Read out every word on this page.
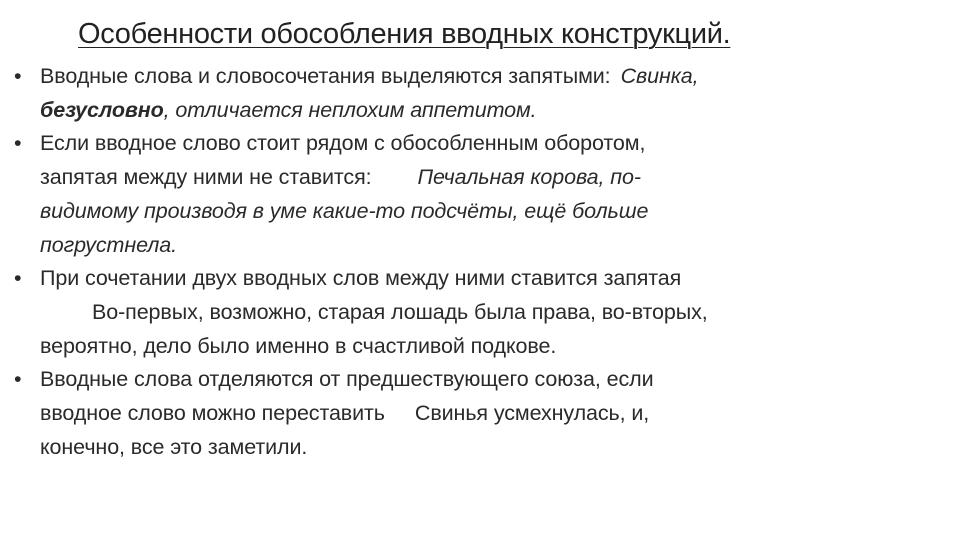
Особенности обособления вводных конструкций.
• Вводные слова и словосочетания выделяются запятыми: Свинка,
безусловно, отличается неплохим аппетитом.
• Если вводное слово стоит рядом с обособленным оборотом,
запятая между ними не ставится: Печальная корова, по-
видимому производя в уме какие-то подсчёты, ещё больше
погрустнела.
• При сочетании двух вводных слов между ними ставится запятая
Во-первых, возможно, старая лошадь была права, во-вторых,
вероятно, дело было именно в счастливой подкове.
• Вводные слова отделяются от предшествующего союза, если
вводное слово можно переставить Свинья усмехнулась, и,
конечно, все это заметили.
